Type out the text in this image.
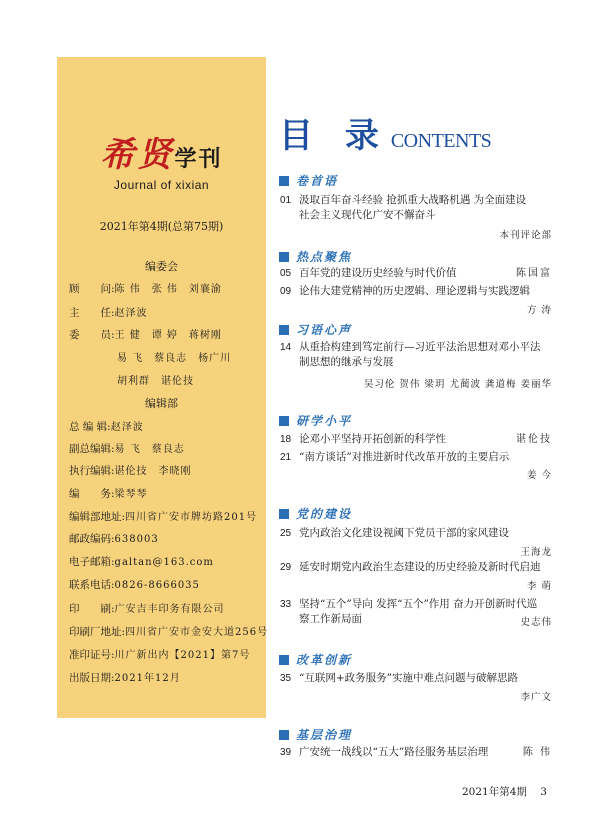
希贤学刊
Journal of xixian
2021年第4期(总第75期)
编委会
顾　　问:陈 伟　张 伟　刘襄渝
主　　任:赵泽波
委　　员:王 健　谭 婷　蒋树刚
易 飞　蔡良志　杨广川
胡利群　谌伦技
编辑部
总 编 辑:赵泽波
副总编辑:易 飞　蔡良志
执行编辑:谌伦技　李晓刚
编　　务:梁琴琴
编辑部地址:四川省广安市牌坊路201号
邮政编码:638003
电子邮箱:galtan@163.com
联系电话:0826-8666035
印　　刷:广安吉丰印务有限公司
印刷厂地址:四川省广安市金安大道256号
准印证号:川广新出内【2021】第7号
出版日期:2021年12月
目 录 CONTENTS
卷首语
01 汲取百年奋斗经验 抢抓重大战略机遇 为全面建设
社会主义现代化广安不懈奋斗
本刊评论部
热点聚焦
05 百年党的建设历史经验与时代价值	陈国富
09 论伟大建党精神的历史逻辑、理论逻辑与实践逻辑
方 涛
习语心声
14 从重拾构建到笃定前行—习近平法治思想对邓小平法
制思想的继承与发展
吴习伦 贺伟 梁玥 尤蔺波 龚道梅 姜丽华
研学小平
18 论邓小平坚持开拓创新的科学性	谌伦技
21 “南方谈话”对推进新时代改革开放的主要启示
姜 今
党的建设
25 党内政治文化建设视阈下党员干部的家风建设
王海龙
29 延安时期党内政治生态建设的历史经验及新时代启迪
李 萌
33 坚持“五个”导向 发挥“五个”作用 奋力开创新时代巡
察工作新局面	史志伟
改革创新
35 “互联网+政务服务”实施中难点问题与破解思路
李广文
基层治理
39 广安统一战线以“五大”路径服务基层治理	陈 伟
2021年第4期 3
